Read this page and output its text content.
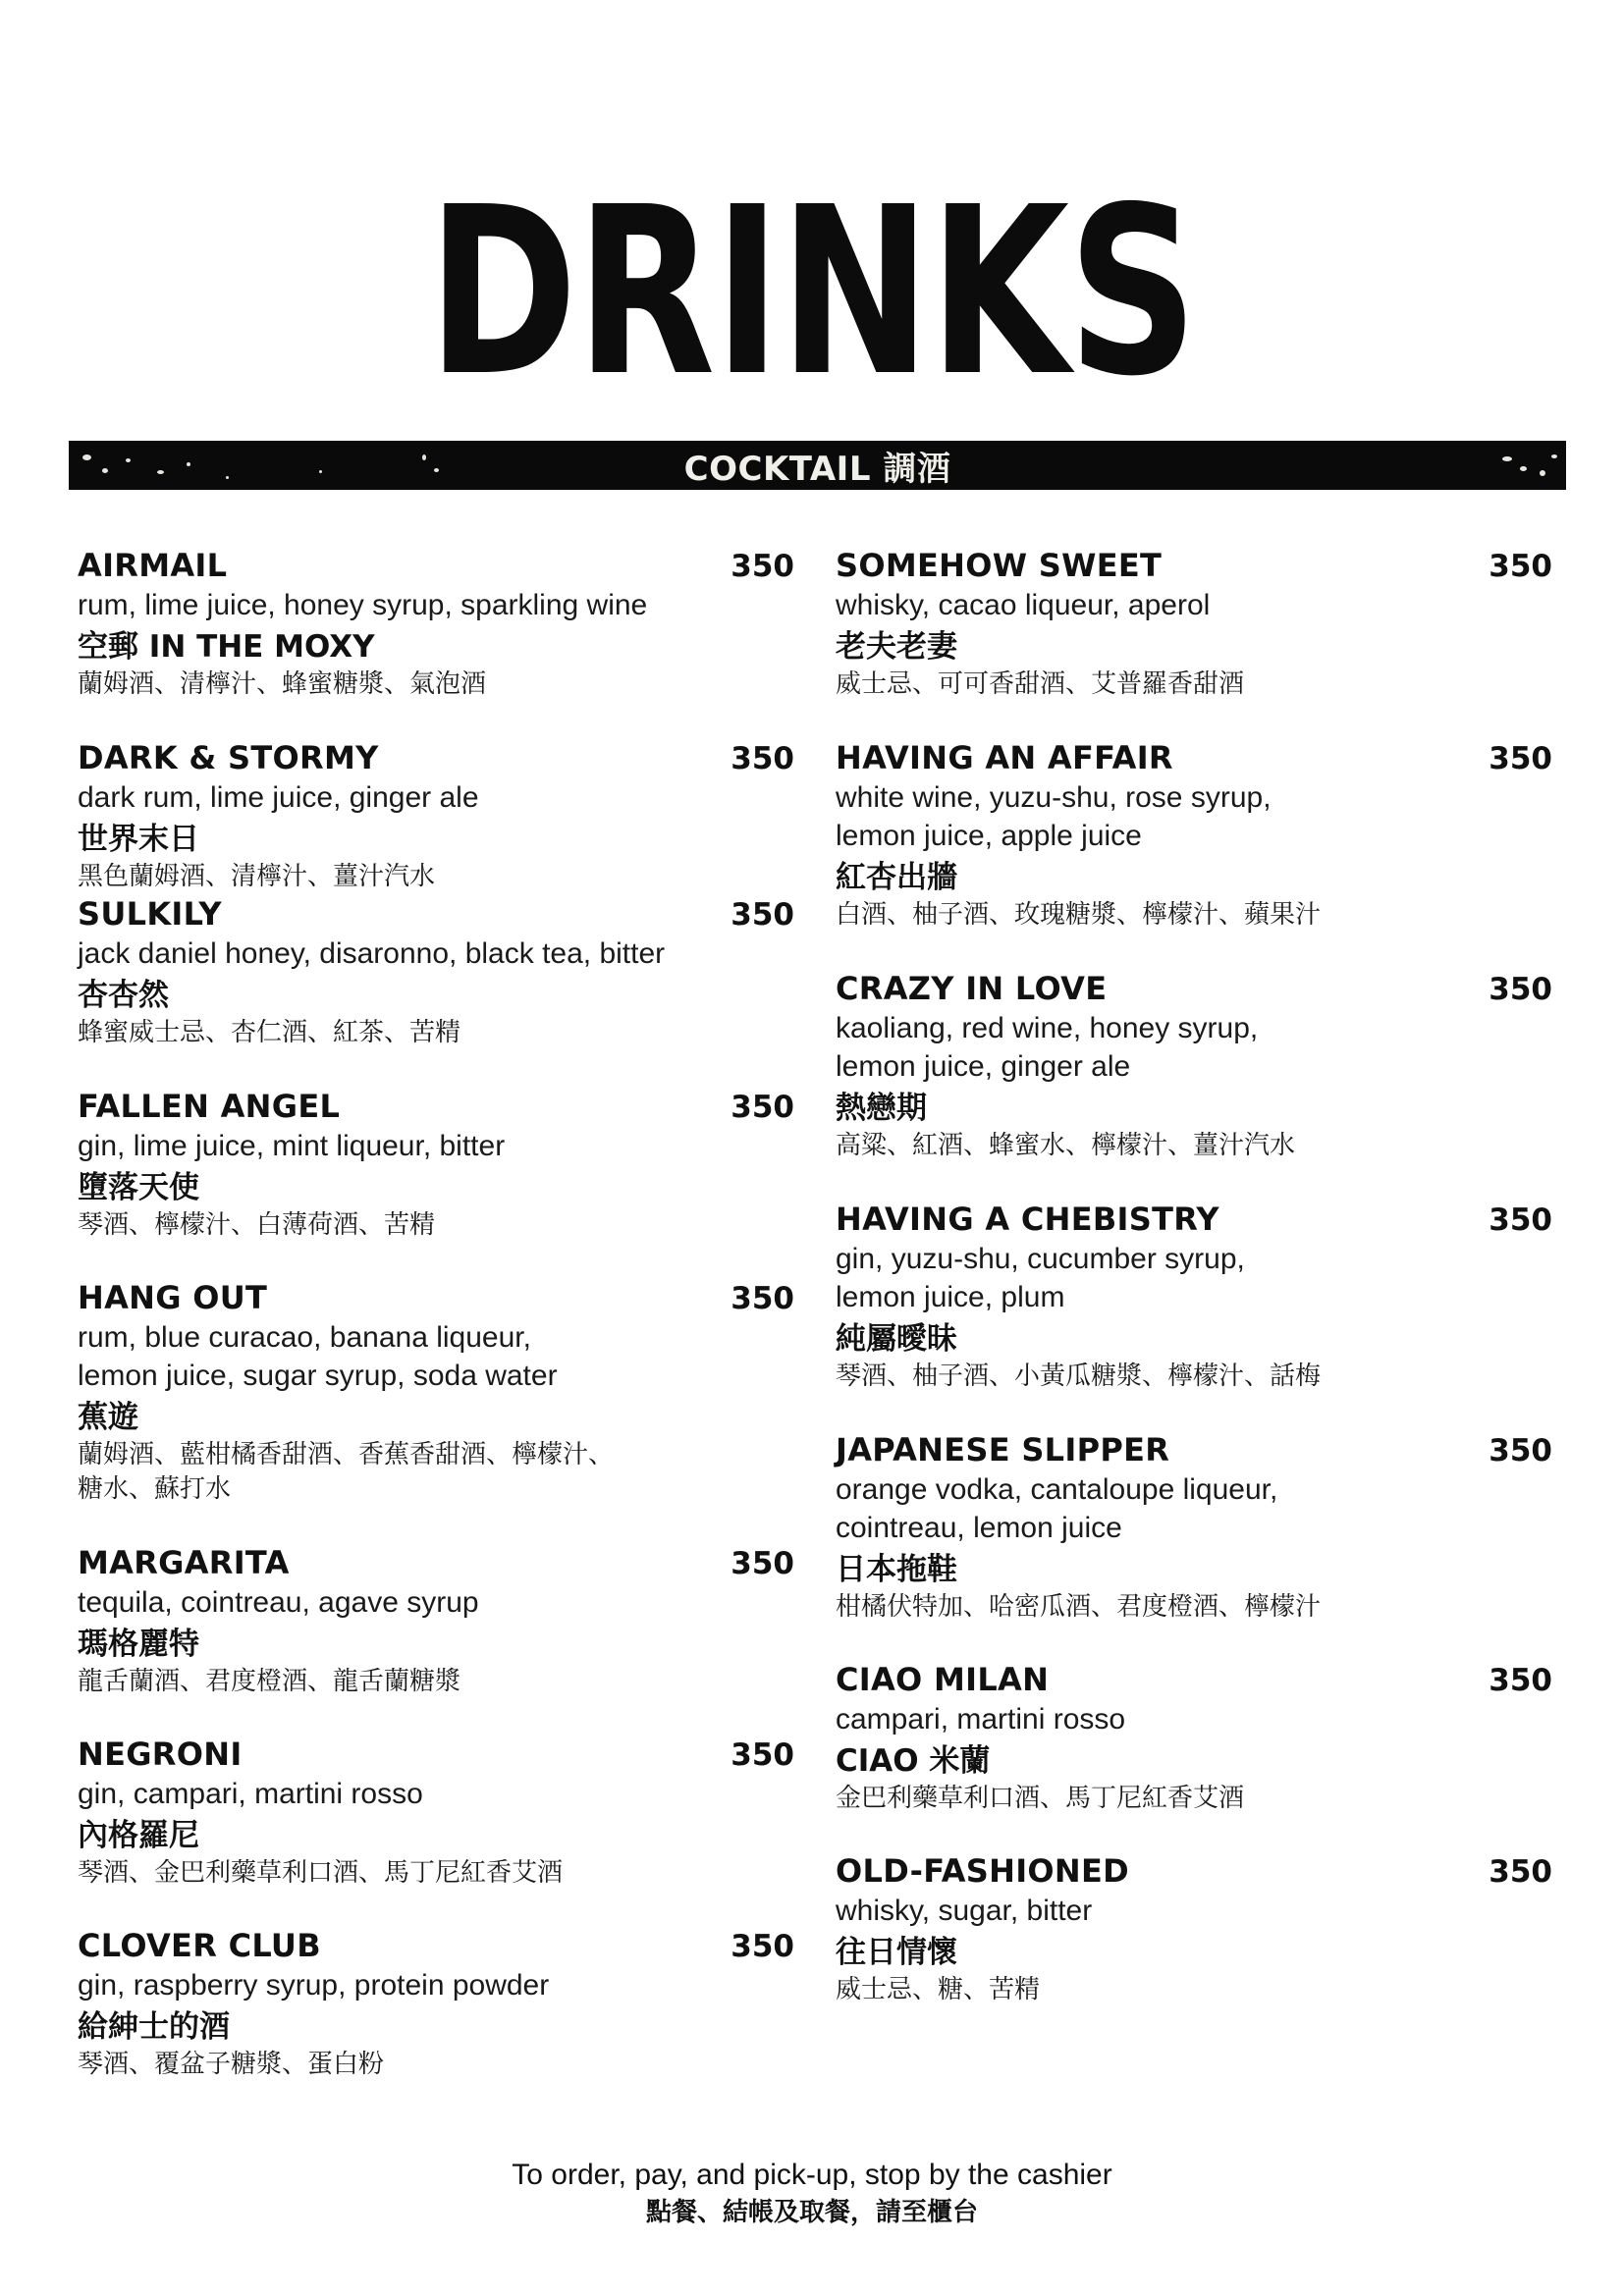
DRINKS
COCKTAIL 調酒
AIRMAIL	350
rum, lime juice, honey syrup, sparkling wine
空郵 IN THE MOXY
蘭姆酒、清檸汁、蜂蜜糖漿、氣泡酒
DARK & STORMY	350
dark rum, lime juice, ginger ale
世界末日
黑色蘭姆酒、清檸汁、薑汁汽水
SULKILY	350
jack daniel honey, disaronno, black tea, bitter
杏杏然
蜂蜜威士忌、杏仁酒、紅茶、苦精
FALLEN ANGEL	350
gin, lime juice, mint liqueur, bitter
墮落天使
琴酒、檸檬汁、白薄荷酒、苦精
HANG OUT	350
rum, blue curacao, banana liqueur,
lemon juice, sugar syrup, soda water
蕉遊
蘭姆酒、藍柑橘香甜酒、香蕉香甜酒、檸檬汁、
糖水、蘇打水
MARGARITA	350
tequila, cointreau, agave syrup
瑪格麗特
龍舌蘭酒、君度橙酒、龍舌蘭糖漿
NEGRONI	350
gin, campari, martini rosso
內格羅尼
琴酒、金巴利藥草利口酒、馬丁尼紅香艾酒
CLOVER CLUB	350
gin, raspberry syrup, protein powder
給紳士的酒
琴酒、覆盆子糖漿、蛋白粉
SOMEHOW SWEET	350
whisky, cacao liqueur, aperol
老夫老妻
威士忌、可可香甜酒、艾普羅香甜酒
HAVING AN AFFAIR	350
white wine, yuzu-shu, rose syrup,
lemon juice, apple juice
紅杏出牆
白酒、柚子酒、玫瑰糖漿、檸檬汁、蘋果汁
CRAZY IN LOVE	350
kaoliang, red wine, honey syrup,
lemon juice, ginger ale
熱戀期
高粱、紅酒、蜂蜜水、檸檬汁、薑汁汽水
HAVING A CHEBISTRY	350
gin, yuzu-shu, cucumber syrup,
lemon juice, plum
純屬曖昧
琴酒、柚子酒、小黃瓜糖漿、檸檬汁、話梅
JAPANESE SLIPPER	350
orange vodka, cantaloupe liqueur,
cointreau, lemon juice
日本拖鞋
柑橘伏特加、哈密瓜酒、君度橙酒、檸檬汁
CIAO MILAN	350
campari, martini rosso
CIAO 米蘭
金巴利藥草利口酒、馬丁尼紅香艾酒
OLD-FASHIONED	350
whisky, sugar, bitter
往日情懷
威士忌、糖、苦精
To order, pay, and pick-up, stop by the cashier
點餐、結帳及取餐，請至櫃台
